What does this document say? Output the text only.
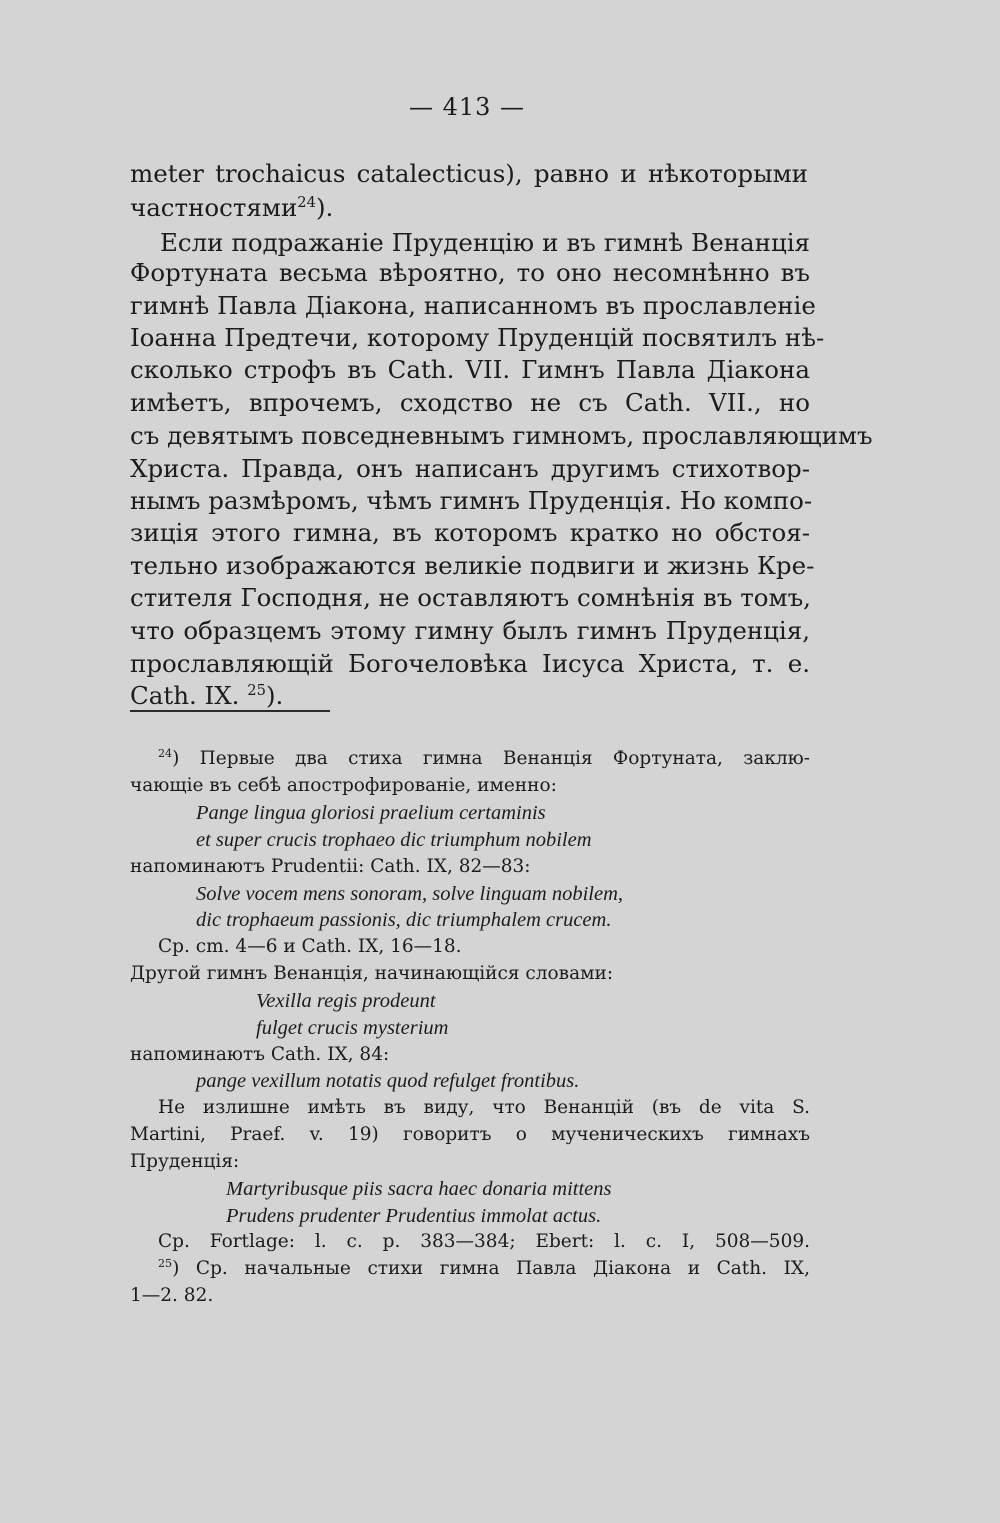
— 413 —
meter trochaicus catalecticus), равно и нѣкоторыми
частностями$^{24}$).
Если подражаніе Пруденцію и въ гимнѣ Венанція
Фортуната весьма вѣроятно, то оно несомнѣнно въ
гимнѣ Павла Діакона, написанномъ въ прославленіе
Іоанна Предтечи, которому Пруденцій посвятилъ нѣ-
сколько строфъ въ Cath. VII. Гимнъ Павла Діакона
имѣетъ, впрочемъ, сходство не съ Cath. VII., но
съ девятымъ повседневнымъ гимномъ, прославляющимъ
Христа. Правда, онъ написанъ другимъ стихотвор-
нымъ размѣромъ, чѣмъ гимнъ Пруденція. Но компо-
зиція этого гимна, въ которомъ кратко но обстоя-
тельно изображаются великіе подвиги и жизнь Кре-
стителя Господня, не оставляютъ сомнѣнія въ томъ,
что образцемъ этому гимну былъ гимнъ Пруденція,
прославляющій Богочеловѣка Іисуса Христа, т. е.
Cath. IX. $^{25}$).
$^{24}$) Первые два стиха гимна Венанція Фортуната, заклю-
чающіе въ себѣ апострофированіе, именно:
Pange lingua gloriosi praelium certaminis
et super crucis trophaeo dic triumphum nobilem
напоминаютъ Prudentii: Cath. IX, 82—83:
Solve vocem mens sonoram, solve linguam nobilem,
dic trophaeum passionis, dic triumphalem crucem.
Cp. cm. 4—6 и Cath. IX, 16—18.
Другой гимнъ Венанція, начинающійся словами:
Vexilla regis prodeunt
fulget crucis mysterium
напоминаютъ Cath. IX, 84:
pange vexillum notatis quod refulget frontibus.
Не излишне имѣть въ виду, что Венанцій (въ de vita S.
Martini, Praef. v. 19) говоритъ о мученическихъ гимнахъ
Пруденція:
Martyribusque piis sacra haec donaria mittens
Prudens prudenter Prudentius immolat actus.
Cp. Fortlage: l. c. p. 383—384; Ebert: l. c. I, 508—509.
$^{25}$) Cp. начальные стихи гимна Павла Діакона и Cath. IX,
1—2. 82.
